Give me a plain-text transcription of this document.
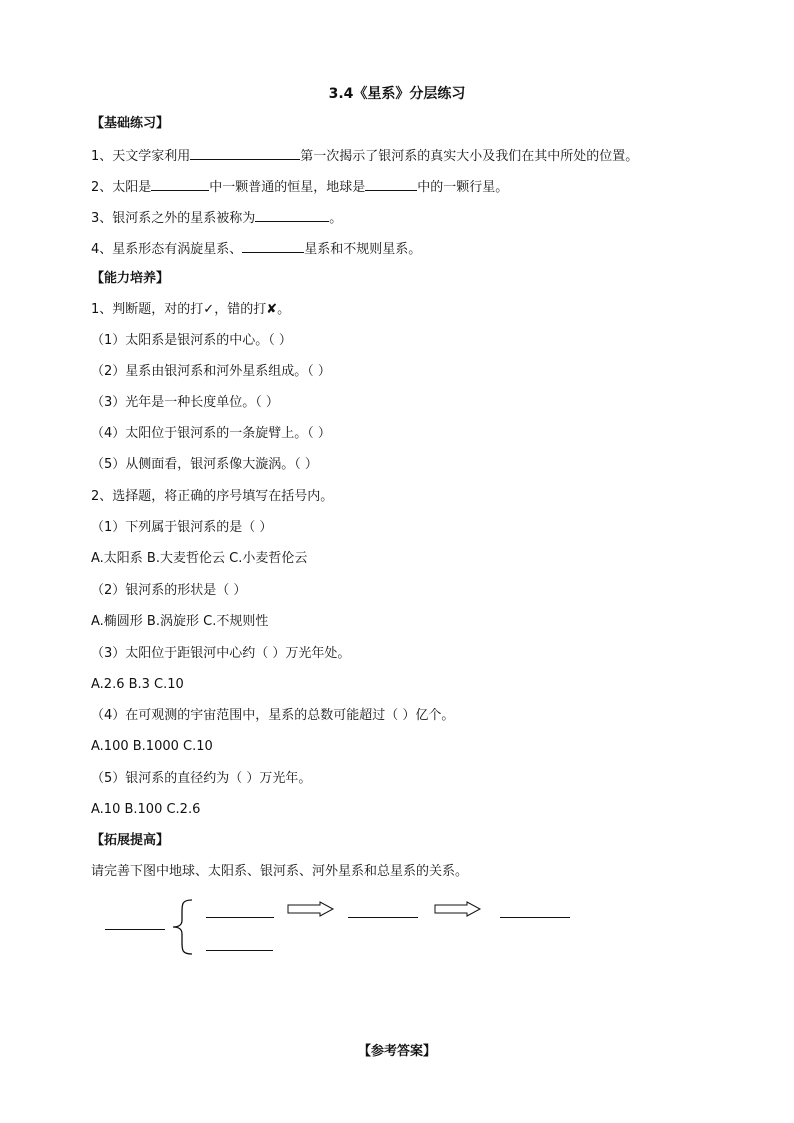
3.4《星系》分层练习
【基础练习】
1、天文学家利用	第一次揭示了银河系的真实大小及我们在其中所处的位置。
2、太阳是	中一颗普通的恒星，地球是	中的一颗行星。
3、银河系之外的星系被称为	。
4、星系形态有涡旋星系、	星系和不规则星系。
【能力培养】
1、判断题，对的打✓，错的打✘。
（1）太阳系是银河系的中心。（ ）
（2）星系由银河系和河外星系组成。（ ）
（3）光年是一种长度单位。（ ）
（4）太阳位于银河系的一条旋臂上。（ ）
（5）从侧面看，银河系像大漩涡。（ ）
2、选择题，将正确的序号填写在括号内。
（1）下列属于银河系的是（ ）
A.太阳系 B.大麦哲伦云 C.小麦哲伦云
（2）银河系的形状是（ ）
A.椭圆形 B.涡旋形 C.不规则性
（3）太阳位于距银河中心约（ ）万光年处。
A.2.6 B.3 C.10
（4）在可观测的宇宙范围中，星系的总数可能超过（ ）亿个。
A.100 B.1000 C.10
（5）银河系的直径约为（ ）万光年。
A.10 B.100 C.2.6
【拓展提高】
请完善下图中地球、太阳系、银河系、河外星系和总星系的关系。
【参考答案】
